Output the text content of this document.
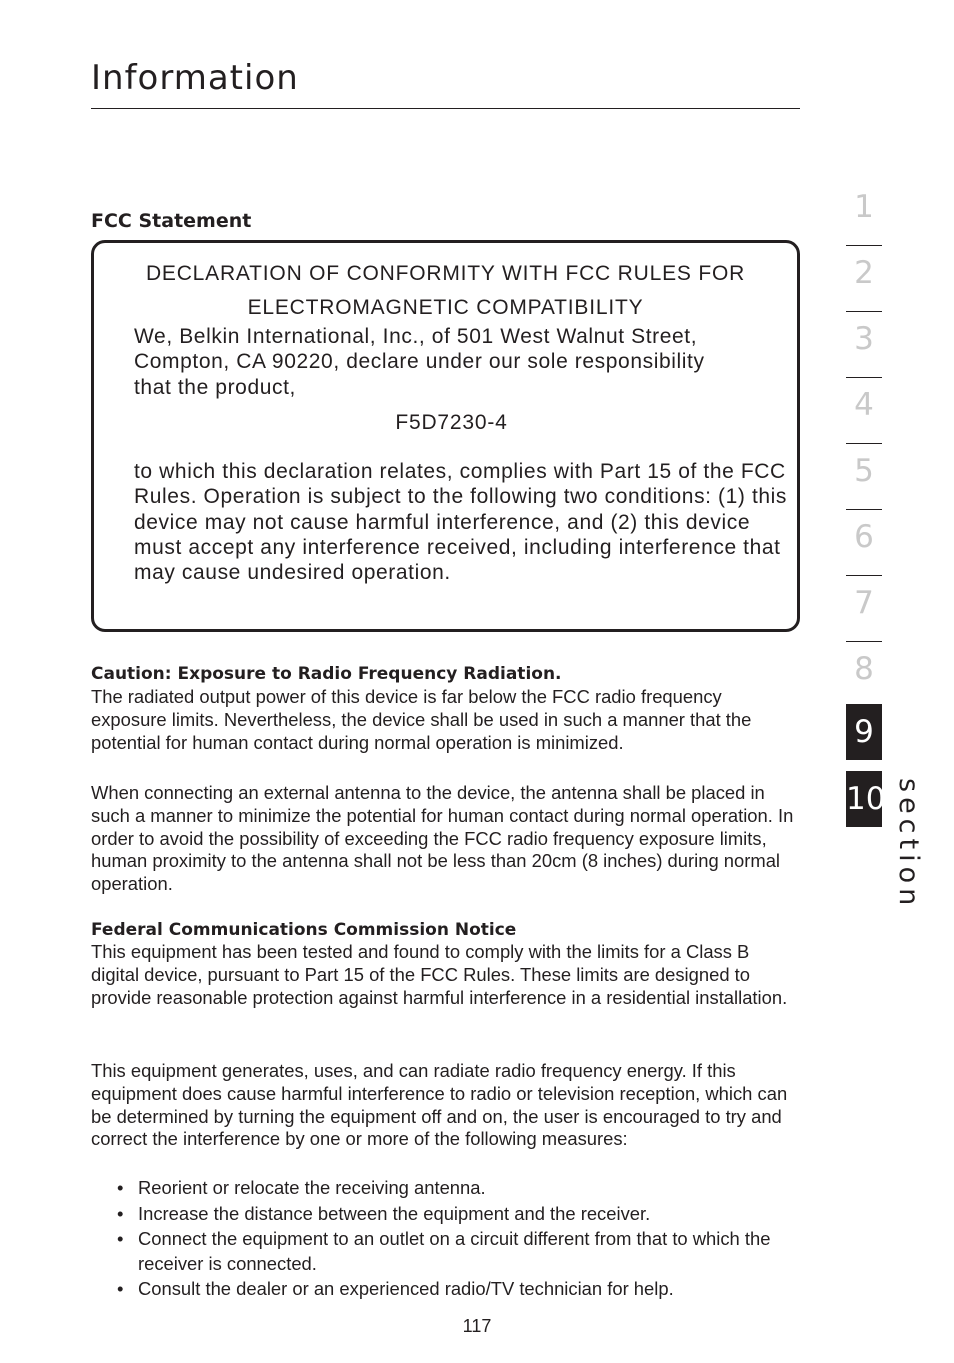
Information
FCC Statement
DECLARATION OF CONFORMITY WITH FCC RULES FOR
ELECTROMAGNETIC COMPATIBILITY
We, Belkin International, Inc., of 501 West Walnut Street, Compton, CA 90220, declare under our sole responsibility that the product,
F5D7230-4
to which this declaration relates, complies with Part 15 of the FCC Rules. Operation is subject to the following two conditions: (1) this device may not cause harmful interference, and (2) this device must accept any interference received, including interference that may cause undesired operation.
Caution: Exposure to Radio Frequency Radiation.

The radiated output power of this device is far below the FCC radio frequency exposure limits. Nevertheless, the device shall be used in such a manner that the potential for human contact during normal operation is minimized.

When connecting an external antenna to the device, the antenna shall be placed in such a manner to minimize the potential for human contact during normal operation. In order to avoid the possibility of exceeding the FCC radio frequency exposure limits, human proximity to the antenna shall not be less than 20cm (8 inches) during normal operation.

Federal Communications Commission Notice

This equipment has been tested and found to comply with the limits for a Class B digital device, pursuant to Part 15 of the FCC Rules. These limits are designed to provide reasonable protection against harmful interference in a residential installation.

This equipment generates, uses, and can radiate radio frequency energy. If this equipment does cause harmful interference to radio or television reception, which can be determined by turning the equipment off and on, the user is encouraged to try and correct the interference by one or more of the following measures:

• Reorient or relocate the receiving antenna.
• Increase the distance between the equipment and the receiver.
• Connect the equipment to an outlet on a circuit different from that to which the receiver is connected.
• Consult the dealer or an experienced radio/TV technician for help.
117
1
2
3
4
5
6
7
8
9
10 section
